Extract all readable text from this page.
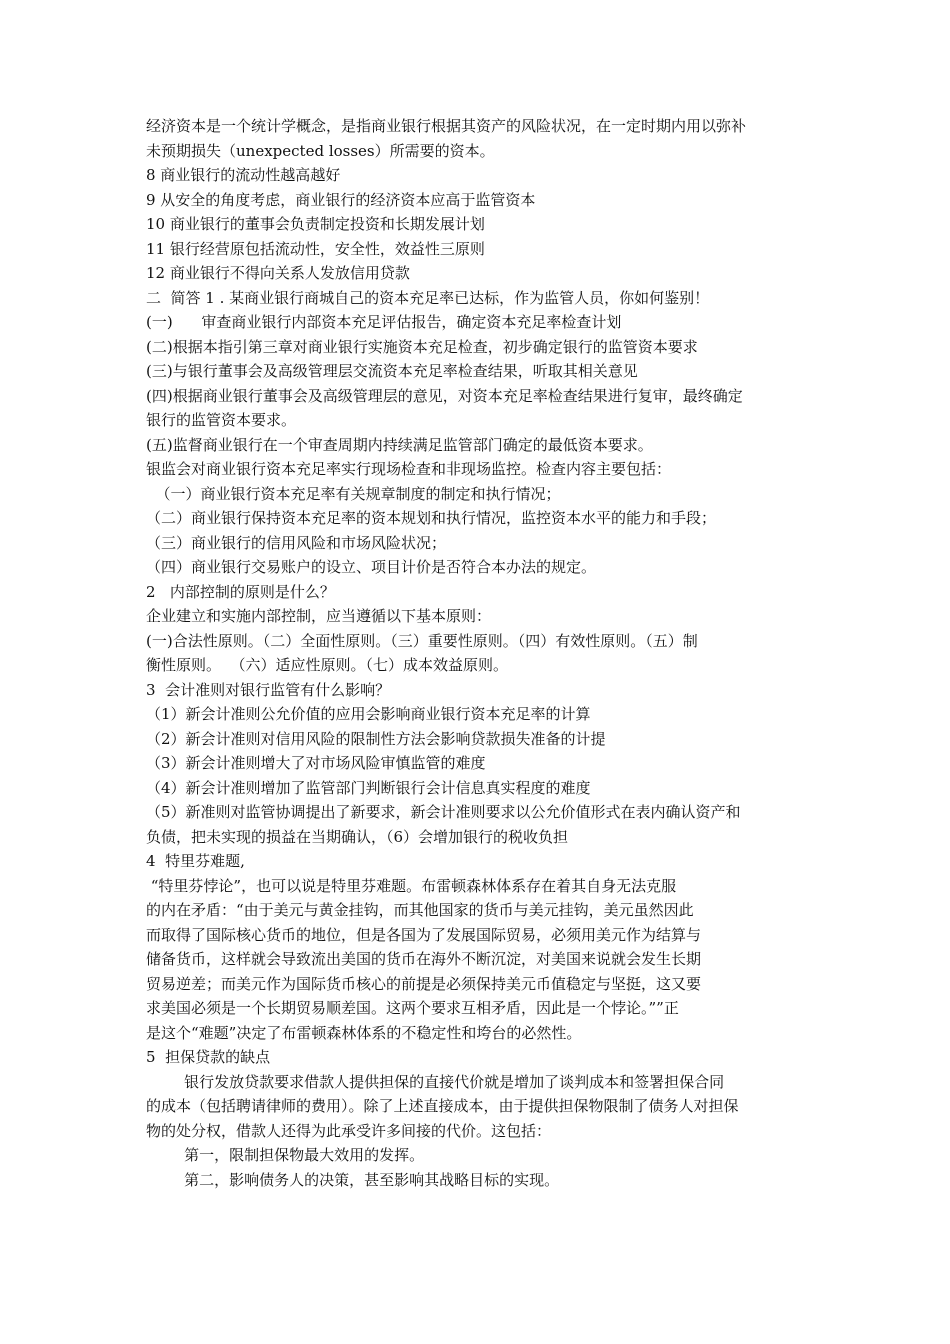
经济资本是一个统计学概念，是指商业银行根据其资产的风险状况，在一定时期内用以弥补
未预期损失（unexpected losses）所需要的资本。
8 商业银行的流动性越高越好
9 从安全的角度考虑，商业银行的经济资本应高于监管资本
10 商业银行的董事会负责制定投资和长期发展计划
11 银行经营原包括流动性，安全性，效益性三原则
12 商业银行不得向关系人发放信用贷款
二  简答 1 . 某商业银行商城自己的资本充足率已达标，作为监管人员，你如何鉴别！
(一)      审查商业银行内部资本充足评估报告，确定资本充足率检查计划
(二)根据本指引第三章对商业银行实施资本充足检查，初步确定银行的监管资本要求
(三)与银行董事会及高级管理层交流资本充足率检查结果，听取其相关意见
(四)根据商业银行董事会及高级管理层的意见，对资本充足率检查结果进行复审，最终确定
银行的监管资本要求。
(五)监督商业银行在一个审查周期内持续满足监管部门确定的最低资本要求。
银监会对商业银行资本充足率实行现场检查和非现场监控。检查内容主要包括：
（一）商业银行资本充足率有关规章制度的制定和执行情况；
（二）商业银行保持资本充足率的资本规划和执行情况，监控资本水平的能力和手段；
（三）商业银行的信用风险和市场风险状况；
（四）商业银行交易账户的设立、项目计价是否符合本办法的规定。
2   内部控制的原则是什么？
企业建立和实施内部控制，应当遵循以下基本原则：
(一)合法性原则。（二）全面性原则。（三）重要性原则。（四）有效性原则。（五）制
衡性原则。  （六）适应性原则。（七）成本效益原则。
3  会计准则对银行监管有什么影响？
（1）新会计准则公允价值的应用会影响商业银行资本充足率的计算
（2）新会计准则对信用风险的限制性方法会影响贷款损失准备的计提
（3）新会计准则增大了对市场风险审慎监管的难度
（4）新会计准则增加了监管部门判断银行会计信息真实程度的难度
（5）新准则对监管协调提出了新要求，新会计准则要求以公允价值形式在表内确认资产和
负债，把未实现的损益在当期确认，（6）会增加银行的税收负担
4  特里芬难题,
“特里芬悖论”，也可以说是特里芬难题。布雷顿森林体系存在着其自身无法克服
的内在矛盾：“由于美元与黄金挂钩，而其他国家的货币与美元挂钩，美元虽然因此
而取得了国际核心货币的地位，但是各国为了发展国际贸易，必须用美元作为结算与
储备货币，这样就会导致流出美国的货币在海外不断沉淀，对美国来说就会发生长期
贸易逆差；而美元作为国际货币核心的前提是必须保持美元币值稳定与坚挺，这又要
求美国必须是一个长期贸易顺差国。这两个要求互相矛盾，因此是一个悖论。””正
是这个“难题”决定了布雷顿森林体系的不稳定性和垮台的必然性。
5  担保贷款的缺点
银行发放贷款要求借款人提供担保的直接代价就是增加了谈判成本和签署担保合同
的成本（包括聘请律师的费用）。除了上述直接成本，由于提供担保物限制了债务人对担保
物的处分权，借款人还得为此承受许多间接的代价。这包括：
第一，限制担保物最大效用的发挥。
第二，影响债务人的决策，甚至影响其战略目标的实现。
